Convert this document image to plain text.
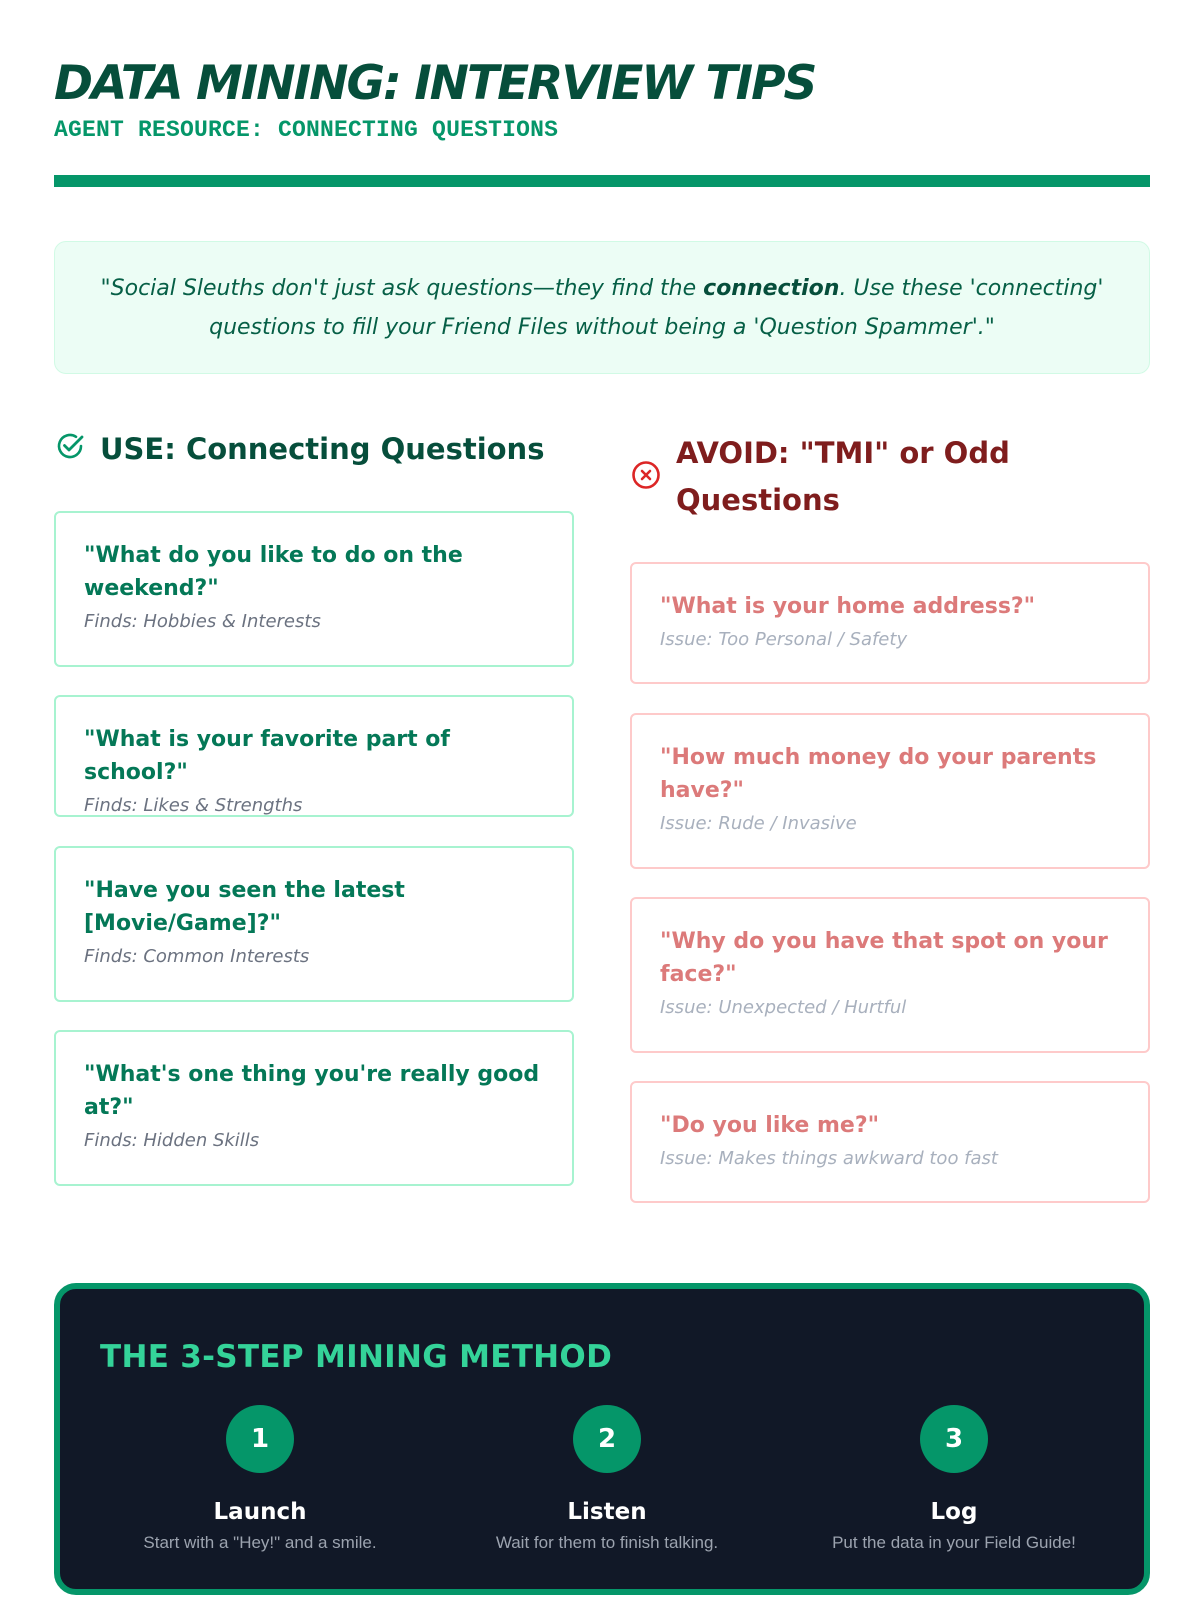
DATA MINING: INTERVIEW TIPS
AGENT RESOURCE: CONNECTING QUESTIONS

"Social Sleuths don't just ask questions—they find the connection. Use these 'connecting' questions to fill your Friend Files without being a 'Question Spammer'."

USE: Connecting Questions
"What do you like to do on the weekend?"
Finds: Hobbies & Interests
"What is your favorite part of school?"
Finds: Likes & Strengths
"Have you seen the latest [Movie/Game]?"
Finds: Common Interests
"What's one thing you're really good at?"
Finds: Hidden Skills
AVOID: "TMI" or Odd Questions
"What is your home address?"
Issue: Too Personal / Safety
"How much money do your parents have?"
Issue: Rude / Invasive
"Why do you have that spot on your face?"
Issue: Unexpected / Hurtful
"Do you like me?"
Issue: Makes things awkward too fast
THE 3-STEP MINING METHOD
1
Launch
Start with a "Hey!" and a smile.
2
Listen
Wait for them to finish talking.
3
Log
Put the data in your Field Guide!
